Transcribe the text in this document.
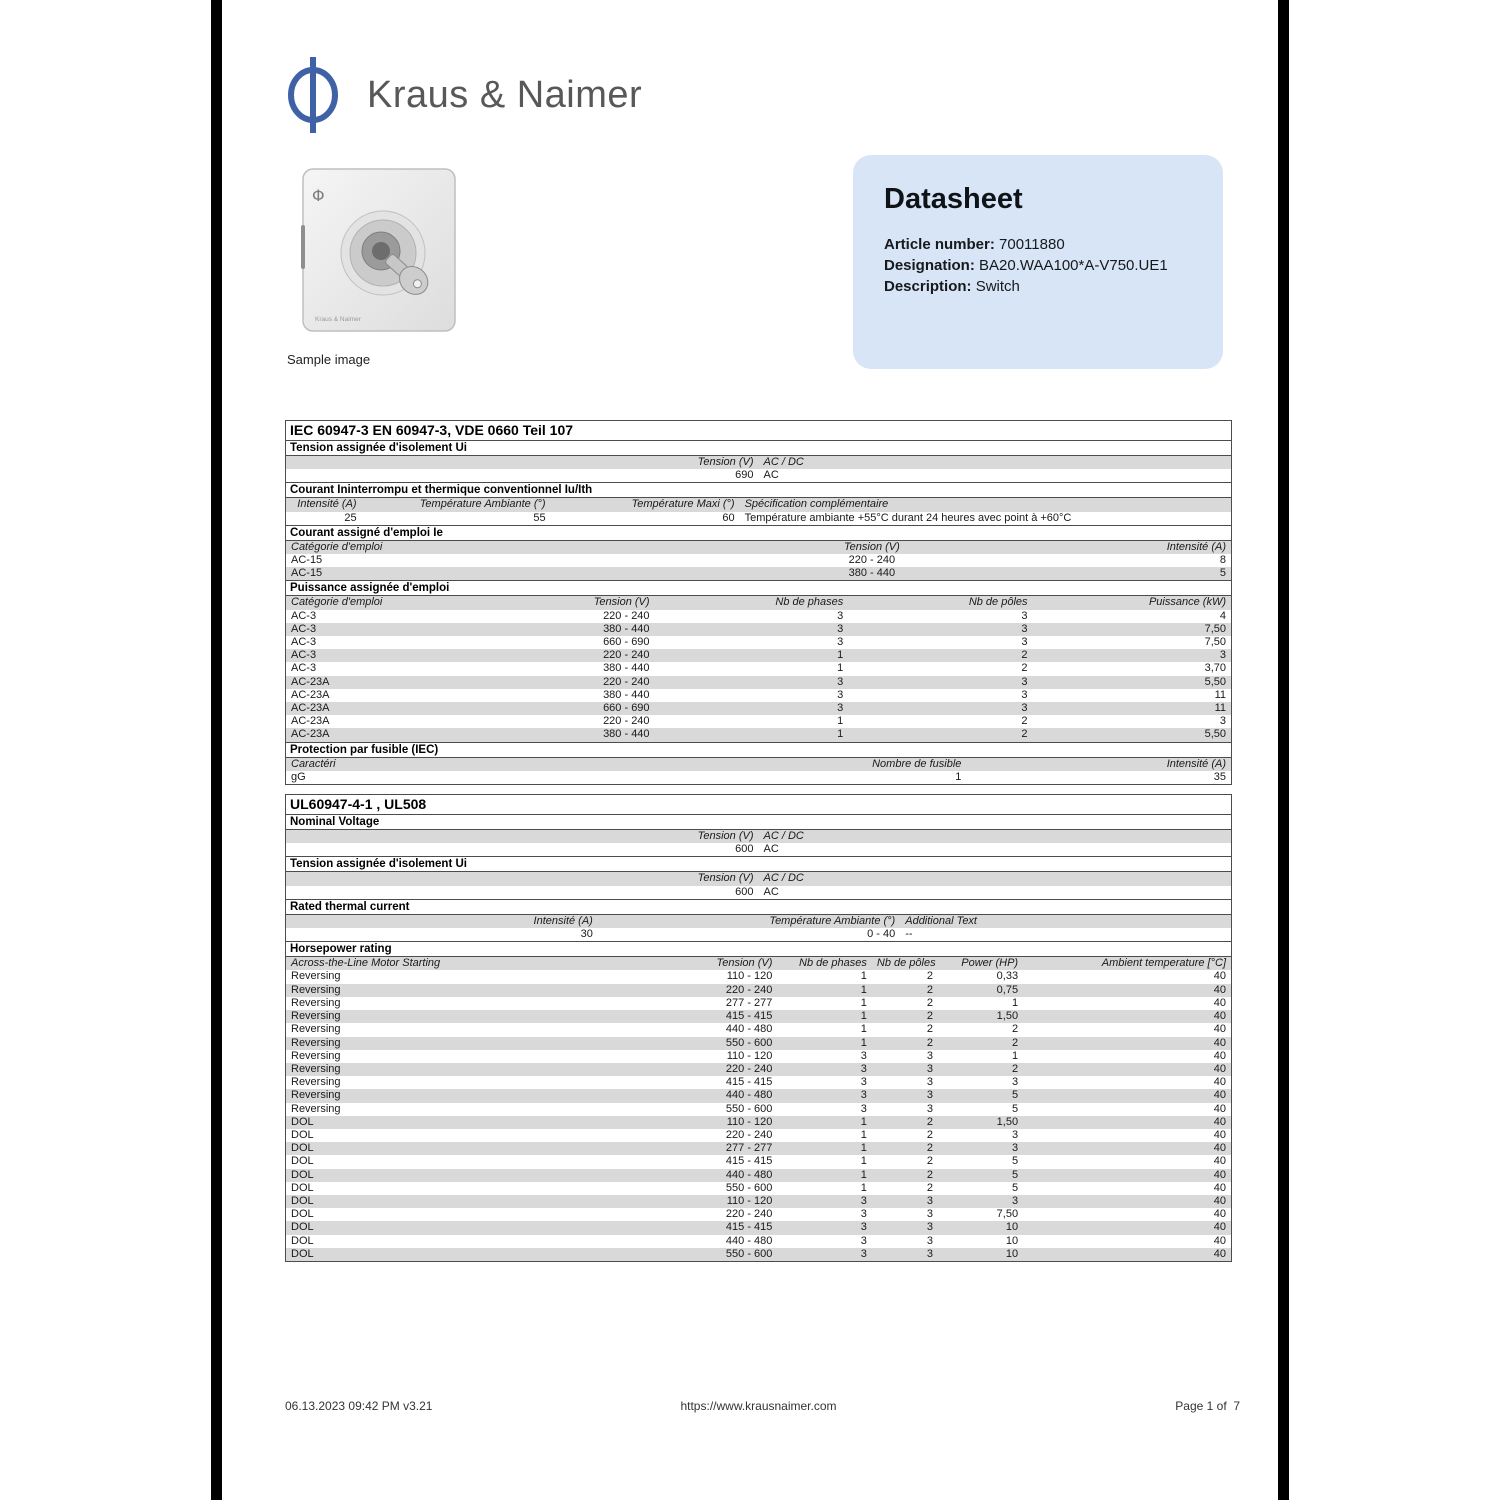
Kraus & Naimer
Φ
Kraus & Naimer
Sample image
Datasheet
Article number: 70011880
Designation: BA20.WAA100*A-V750.UE1
Description: Switch
IEC 60947-3 EN 60947-3, VDE 0660 Teil 107
Tension assignée d'isolement Ui
Tension (V)	AC / DC
690	AC
Courant Ininterrompu et thermique conventionnel Iu/Ith
Intensité (A)	Température Ambiante (°)	Température Maxi (°)	Spécification complémentaire
25	55	60	Température ambiante +55°C durant 24 heures avec point à +60°C
Courant assigné d'emploi Ie
Catégorie d'emploi	Tension (V)	Intensité (A)
AC-15	220 - 240	8
AC-15	380 - 440	5
Puissance assignée d'emploi
Catégorie d'emploi	Tension (V)	Nb de phases	Nb de pôles	Puissance (kW)
AC-3	220 - 240	3	3	4
AC-3	380 - 440	3	3	7,50
AC-3	660 - 690	3	3	7,50
AC-3	220 - 240	1	2	3
AC-3	380 - 440	1	2	3,70
AC-23A	220 - 240	3	3	5,50
AC-23A	380 - 440	3	3	11
AC-23A	660 - 690	3	3	11
AC-23A	220 - 240	1	2	3
AC-23A	380 - 440	1	2	5,50
Protection par fusible (IEC)
Caractéri	Nombre de fusible	Intensité (A)
gG	1	35
UL60947-4-1 , UL508
Nominal Voltage
Tension (V)	AC / DC
600	AC
Tension assignée d'isolement Ui
Tension (V)	AC / DC
600	AC
Rated thermal current
Intensité (A)	Température Ambiante (°)	Additional Text
30	0 - 40	--
Horsepower rating
Across-the-Line Motor Starting	Tension (V)	Nb de phases	Nb de pôles	Power (HP)	Ambient temperature [°C]
Reversing	110 - 120	1	2	0,33	40
Reversing	220 - 240	1	2	0,75	40
Reversing	277 - 277	1	2	1	40
Reversing	415 - 415	1	2	1,50	40
Reversing	440 - 480	1	2	2	40
Reversing	550 - 600	1	2	2	40
Reversing	110 - 120	3	3	1	40
Reversing	220 - 240	3	3	2	40
Reversing	415 - 415	3	3	3	40
Reversing	440 - 480	3	3	5	40
Reversing	550 - 600	3	3	5	40
DOL	110 - 120	1	2	1,50	40
DOL	220 - 240	1	2	3	40
DOL	277 - 277	1	2	3	40
DOL	415 - 415	1	2	5	40
DOL	440 - 480	1	2	5	40
DOL	550 - 600	1	2	5	40
DOL	110 - 120	3	3	3	40
DOL	220 - 240	3	3	7,50	40
DOL	415 - 415	3	3	10	40
DOL	440 - 480	3	3	10	40
DOL	550 - 600	3	3	10	40
06.13.2023 09:42 PM v3.21	https://www.krausnaimer.com	Page 1 of  7
